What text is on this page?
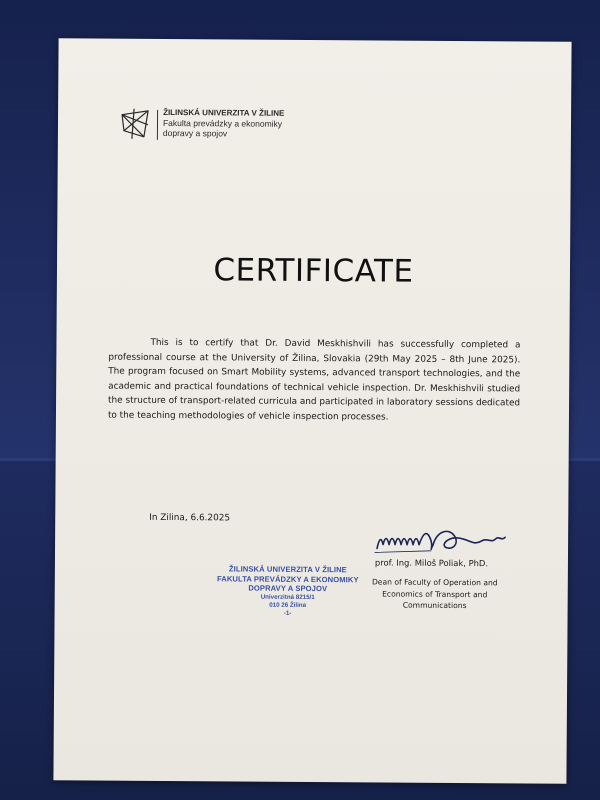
ŽILINSKÁ UNIVERZITA V ŽILINE
Fakulta prevádzky a ekonomiky
dopravy a spojov
CERTIFICATE
This is to certify that Dr. David Meskhishvili has successfully completed a professional course at the University of Žilina, Slovakia (29th May 2025 – 8th June 2025). The program focused on Smart Mobility systems, advanced transport technologies, and the academic and practical foundations of technical vehicle inspection. Dr. Meskhishvili studied the structure of transport-related curricula and participated in laboratory sessions dedicated to the teaching methodologies of vehicle inspection processes.
In Zilina, 6.6.2025
prof. Ing. Miloš Poliak, PhD.
Dean of Faculty of Operation and
Economics of Transport and
Communications
ŽILINSKÁ UNIVERZITA V ŽILINE
FAKULTA PREVÁDZKY A EKONOMIKY
DOPRAVY A SPOJOV
Univerzitná 8215/1
010 26 Žilina
-1-
